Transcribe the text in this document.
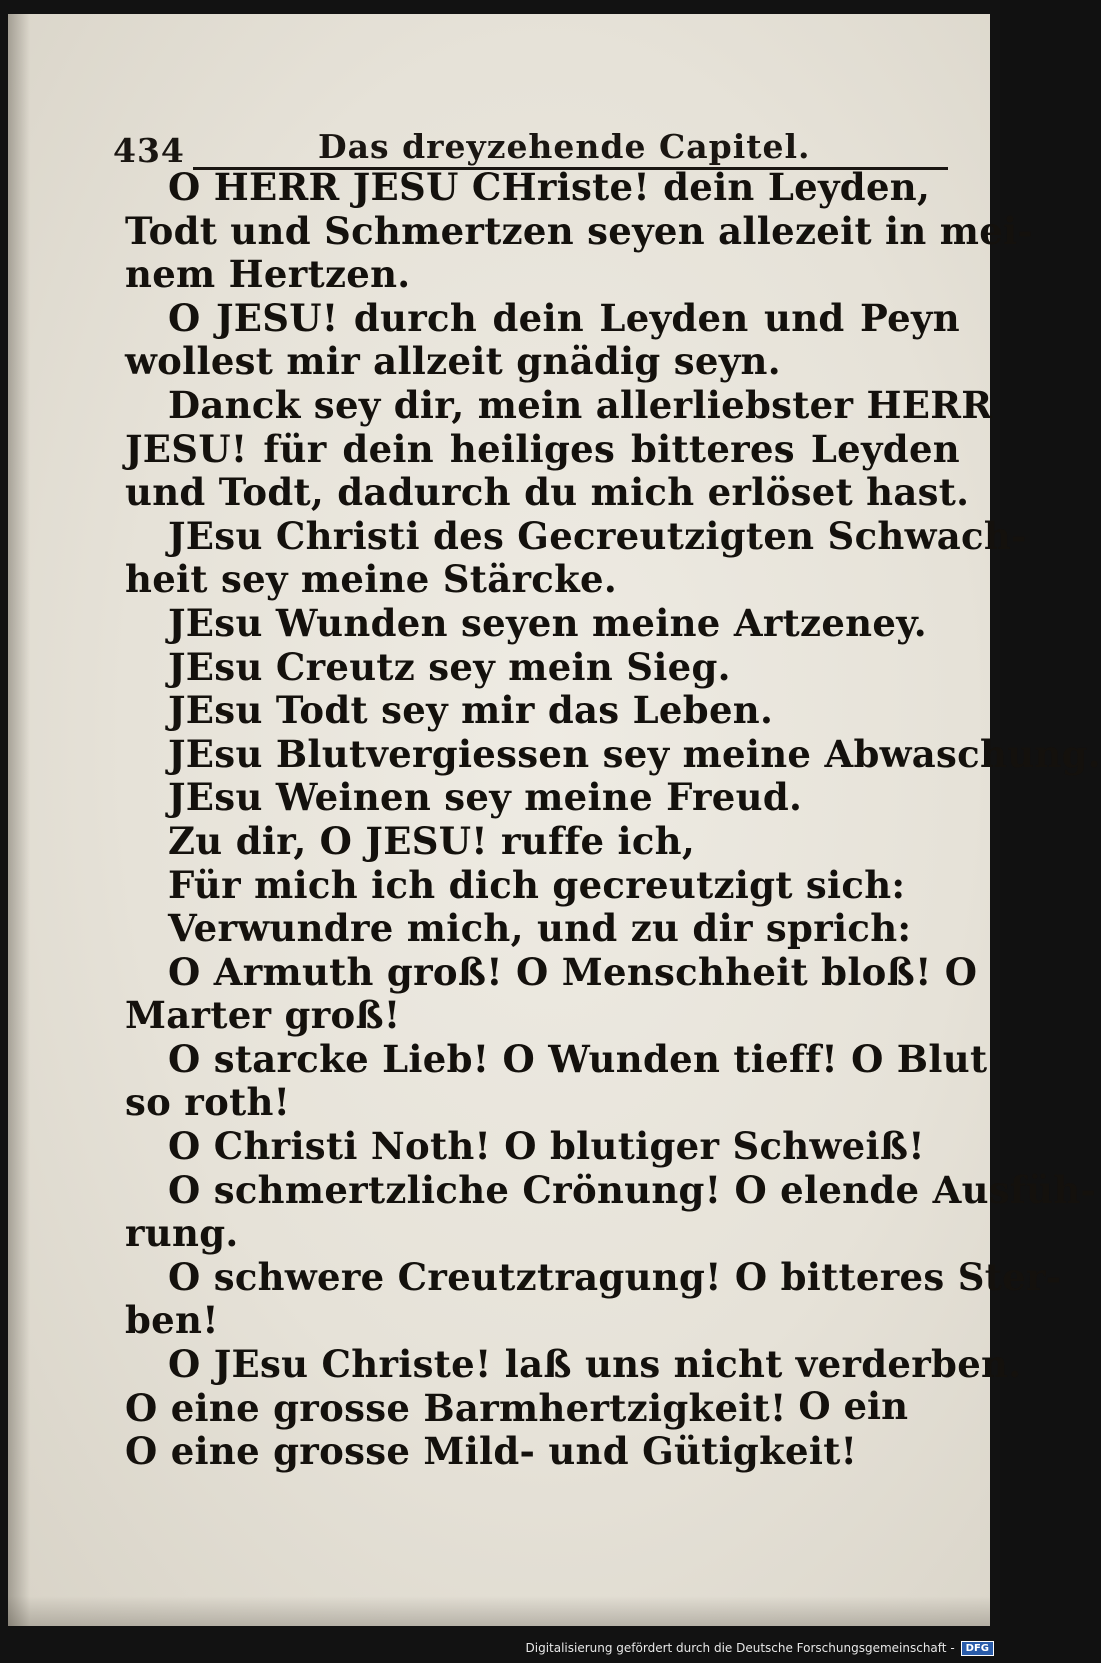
434	Das dreyzehende Capitel.
O HERR JESU CHriste! dein Leyden,
Todt und Schmertzen seyen allezeit in mei-
nem Hertzen.
O JESU! durch dein Leyden und Peyn
wollest mir allzeit gnädig seyn.
Danck sey dir, mein allerliebster HERR
JESU! für dein heiliges bitteres Leyden
und Todt, dadurch du mich erlöset hast.
JEsu Christi des Gecreutzigten Schwach-
heit sey meine Stärcke.
JEsu Wunden seyen meine Artzeney.
JEsu Creutz sey mein Sieg.
JEsu Todt sey mir das Leben.
JEsu Blutvergiessen sey meine Abwaschung.
JEsu Weinen sey meine Freud.
Zu dir, O JESU! ruffe ich,
Für mich ich dich gecreutzigt sich:
Verwundre mich, und zu dir sprich:
O Armuth groß! O Menschheit bloß! O
Marter groß!
O starcke Lieb! O Wunden tieff! O Blut
so roth!
O Christi Noth! O blutiger Schweiß!
O schmertzliche Crönung! O elende Ausfüh-
rung.
O schwere Creutztragung! O bitteres Ster-
ben!
O JEsu Christe! laß uns nicht verderben.
O eine grosse Barmhertzigkeit!
O eine grosse Mild- und Gütigkeit!
O ein
Digitalisierung gefördert durch die Deutsche Forschungsgemeinschaft -	DFG
